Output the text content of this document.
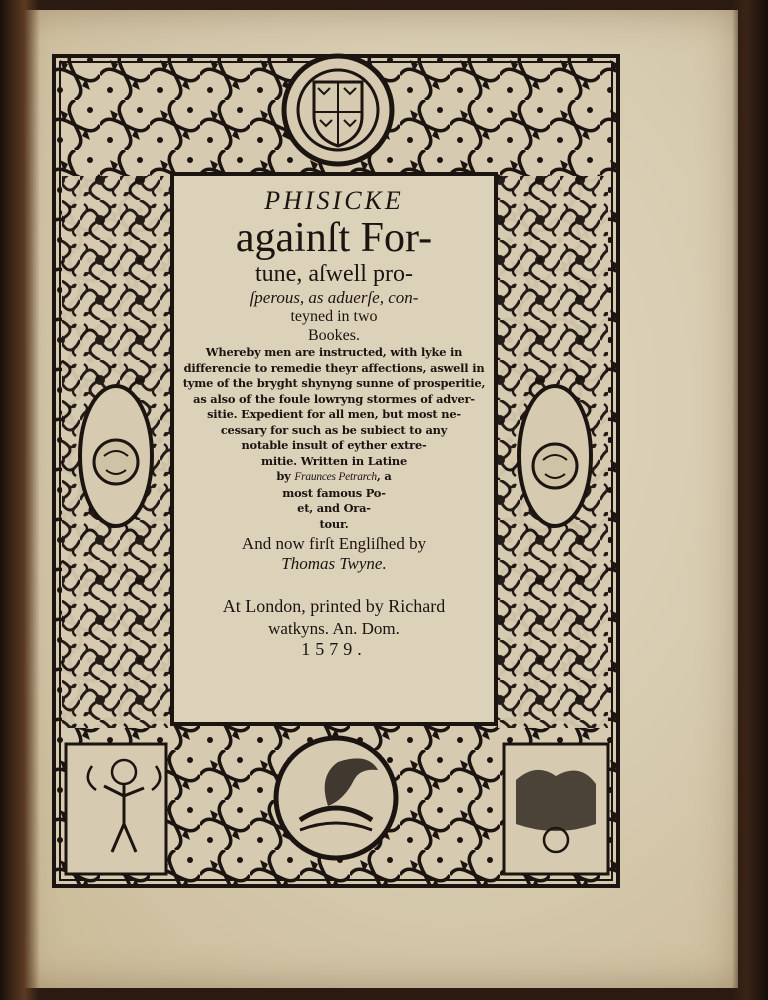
PHISICKE
againſt For-
tune, aſwell pro-
ſperous, as aduerſe, con-
teyned in two
Bookes.
Whereby men are instructed, with lyke in
differencie to remedie theyr affections, aswell in
tyme of the bryght shynyng sunne of prosperitie,
as also of the foule lowryng stormes of adver-
sitie. Expedient for all men, but most ne-
cessary for such as be subiect to any
notable insult of eyther extre-
mitie. Written in Latine
by Fraunces Petrarch, a
most famous Po-
et, and Ora-
tour.
And now firſt Engliſhed by
Thomas Twyne.
At London, printed by Richard
watkyns. An. Dom.
1579.
